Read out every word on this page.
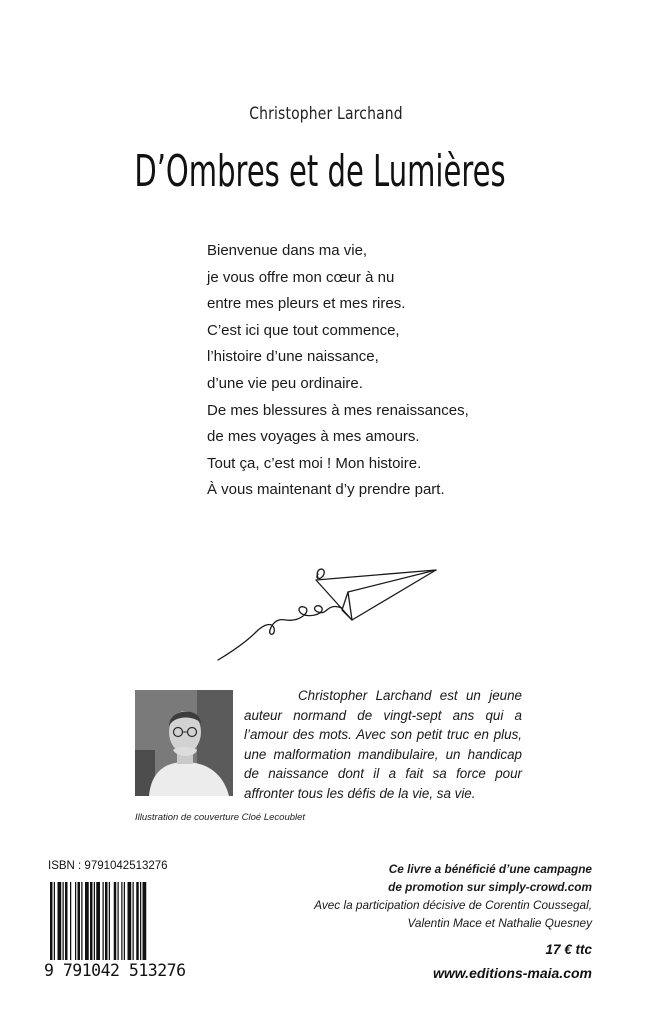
Christopher Larchand
D’Ombres et de Lumières
Bienvenue dans ma vie,
je vous offre mon cœur à nu
entre mes pleurs et mes rires.
C’est ici que tout commence,
l’histoire d’une naissance,
d’une vie peu ordinaire.
De mes blessures à mes renaissances,
de mes voyages à mes amours.
Tout ça, c’est moi ! Mon histoire.
À vous maintenant d’y prendre part.
Christopher Larchand est un jeune auteur normand de vingt-sept ans qui a l’amour des mots. Avec son petit truc en plus, une malformation mandibulaire, un handicap de naissance dont il a fait sa force pour affronter tous les défis de la vie, sa vie.
Illustration de couverture Cloé Lecoublet
ISBN : 9791042513276
9 791042 513276
Ce livre a bénéficié d’une campagne
de promotion sur simply-crowd.com
Avec la participation décisive de Corentin Coussegal,
Valentin Mace et Nathalie Quesney
17 € ttc
www.editions-maia.com
